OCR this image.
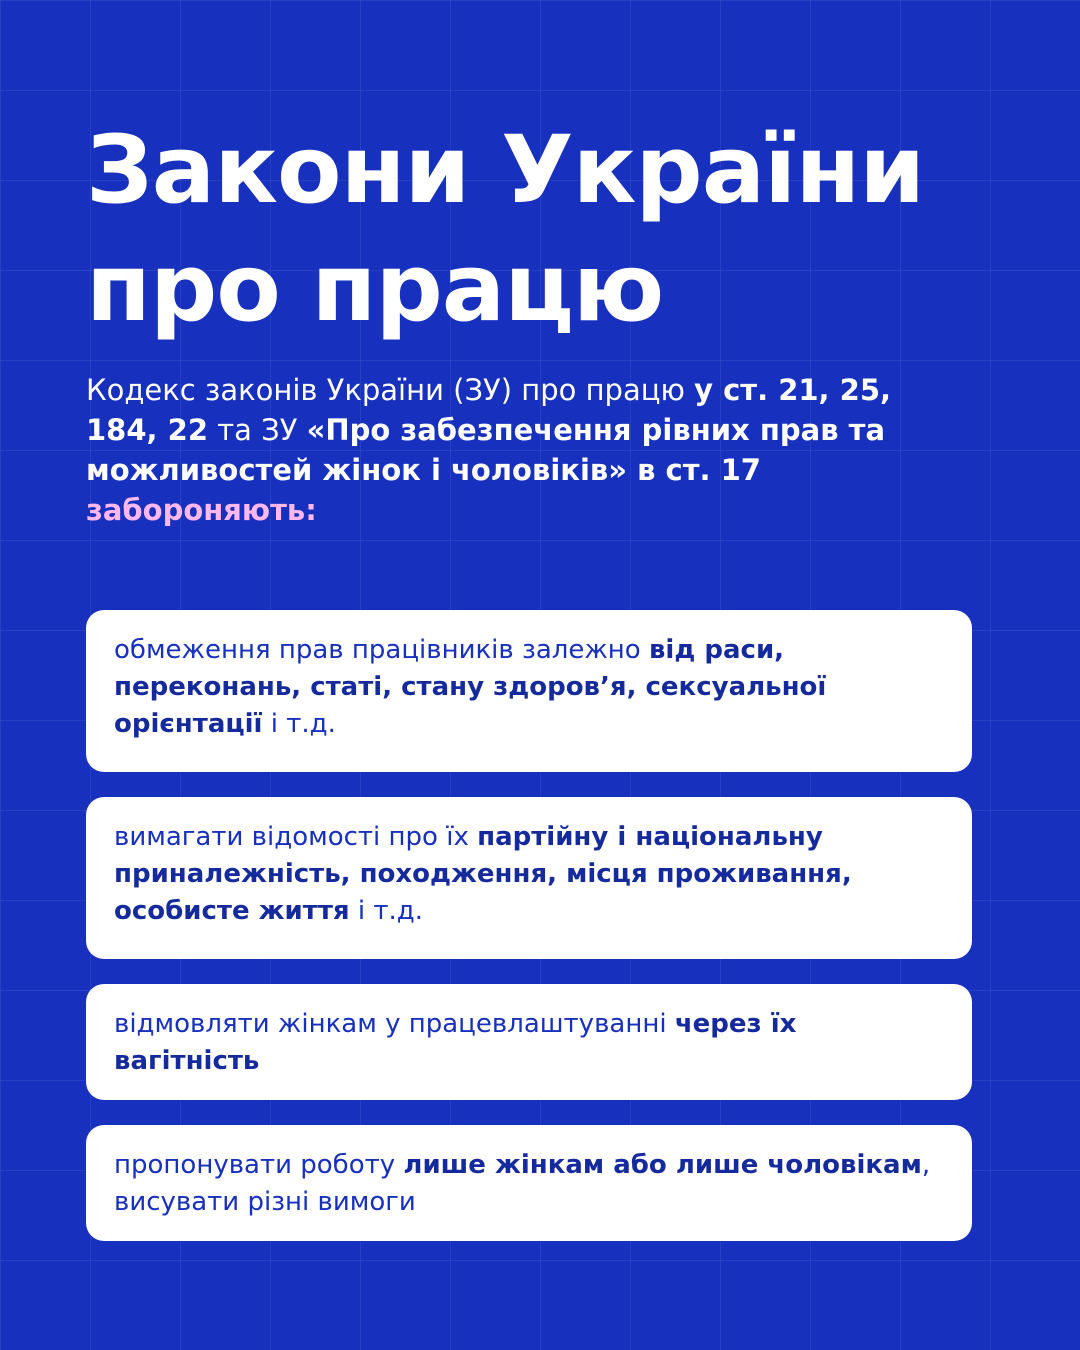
Закони України
про працю

Кодекс законів України (ЗУ) про працю у ст. 21, 25, 184, 22 та ЗУ «Про забезпечення рівних прав та можливостей жінок і чоловіків» в ст. 17 забороняють:

обмеження прав працівників залежно від раси, переконань, статі, стану здоров’я, сексуальної орієнтації і т.д.
вимагати відомості про їх партійну і національну приналежність, походження, місця проживання, особисте життя і т.д.
відмовляти жінкам у працевлаштуванні через їх вагітність
пропонувати роботу лише жінкам або лише чоловікам, висувати різні вимоги
